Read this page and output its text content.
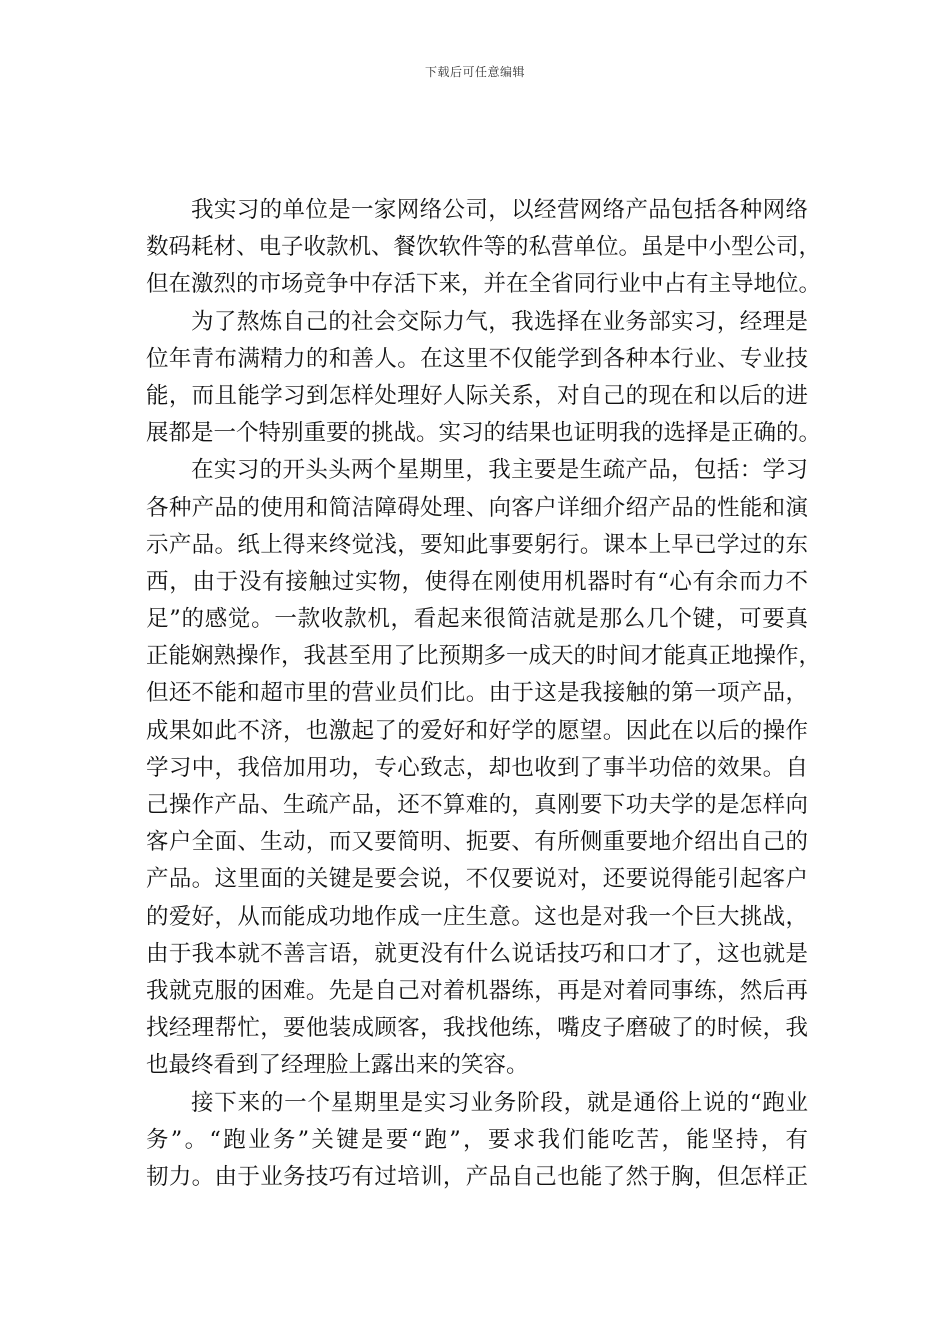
下载后可任意编辑
我实习的单位是一家网络公司，以经营网络产品包括各种网络
数码耗材、电子收款机、餐饮软件等的私营单位。虽是中小型公司，
但在激烈的市场竞争中存活下来，并在全省同行业中占有主导地位。
为了熬炼自己的社会交际力气，我选择在业务部实习，经理是
位年青布满精力的和善人。在这里不仅能学到各种本行业、专业技
能，而且能学习到怎样处理好人际关系，对自己的现在和以后的进
展都是一个特别重要的挑战。实习的结果也证明我的选择是正确的。
在实习的开头头两个星期里，我主要是生疏产品，包括：学习
各种产品的使用和简洁障碍处理、向客户详细介绍产品的性能和演
示产品。纸上得来终觉浅，要知此事要躬行。课本上早已学过的东
西，由于没有接触过实物，使得在刚使用机器时有“心有余而力不
足”的感觉。一款收款机，看起来很简洁就是那么几个键，可要真
正能娴熟操作，我甚至用了比预期多一成天的时间才能真正地操作，
但还不能和超市里的营业员们比。由于这是我接触的第一项产品，
成果如此不济，也激起了的爱好和好学的愿望。因此在以后的操作
学习中，我倍加用功，专心致志，却也收到了事半功倍的效果。自
己操作产品、生疏产品，还不算难的，真刚要下功夫学的是怎样向
客户全面、生动，而又要简明、扼要、有所侧重要地介绍出自己的
产品。这里面的关键是要会说，不仅要说对，还要说得能引起客户
的爱好，从而能成功地作成一庄生意。这也是对我一个巨大挑战，
由于我本就不善言语，就更没有什么说话技巧和口才了，这也就是
我就克服的困难。先是自己对着机器练，再是对着同事练，然后再
找经理帮忙，要他装成顾客，我找他练，嘴皮子磨破了的时候，我
也最终看到了经理脸上露出来的笑容。
接下来的一个星期里是实习业务阶段，就是通俗上说的“跑业
务”。“跑业务”关键是要“跑”，要求我们能吃苦，能坚持，有
韧力。由于业务技巧有过培训，产品自己也能了然于胸，但怎样正
